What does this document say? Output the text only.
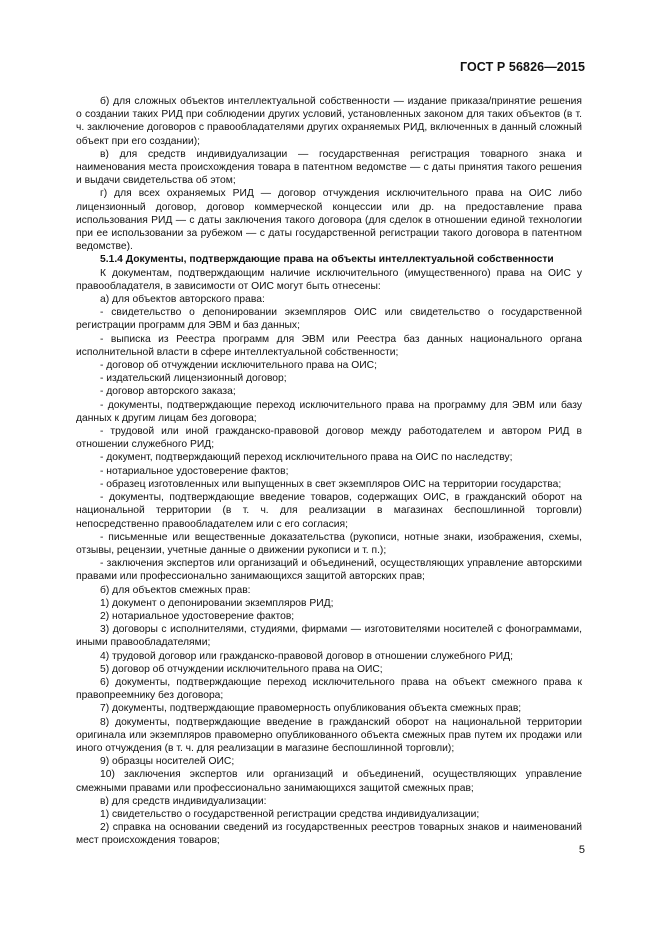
ГОСТ Р 56826—2015

б) для сложных объектов интеллектуальной собственности — издание приказа/принятие решения о создании таких РИД при соблюдении других условий, установленных законом для таких объектов (в т. ч. заключение договоров с правообладателями других охраняемых РИД, включенных в данный сложный объект при его создании);

в) для средств индивидуализации — государственная регистрация товарного знака и наименования места происхождения товара в патентном ведомстве — с даты принятия такого решения и выдачи свидетельства об этом;

г) для всех охраняемых РИД — договор отчуждения исключительного права на ОИС либо лицензионный договор, договор коммерческой концессии или др. на предоставление права использования РИД — с даты заключения такого договора (для сделок в отношении единой технологии при ее использовании за рубежом — с даты государственной регистрации такого договора в патентном ведомстве).

5.1.4 Документы, подтверждающие права на объекты интеллектуальной собственности

К документам, подтверждающим наличие исключительного (имущественного) права на ОИС у правообладателя, в зависимости от ОИС могут быть отнесены:

а) для объектов авторского права:

- свидетельство о депонировании экземпляров ОИС или свидетельство о государственной регистрации программ для ЭВМ и баз данных;

- выписка из Реестра программ для ЭВМ или Реестра баз данных национального органа исполнительной власти в сфере интеллектуальной собственности;

- договор об отчуждении исключительного права на ОИС;

- издательский лицензионный договор;

- договор авторского заказа;

- документы, подтверждающие переход исключительного права на программу для ЭВМ или базу данных к другим лицам без договора;

- трудовой или иной гражданско-правовой договор между работодателем и автором РИД в отношении служебного РИД;

- документ, подтверждающий переход исключительного права на ОИС по наследству;

- нотариальное удостоверение фактов;

- образец изготовленных или выпущенных в свет экземпляров ОИС на территории государства;

- документы, подтверждающие введение товаров, содержащих ОИС, в гражданский оборот на национальной территории (в т. ч. для реализации в магазинах беспошлинной торговли) непосредственно правообладателем или с его согласия;

- письменные или вещественные доказательства (рукописи, нотные знаки, изображения, схемы, отзывы, рецензии, учетные данные о движении рукописи и т. п.);

- заключения экспертов или организаций и объединений, осуществляющих управление авторскими правами или профессионально занимающихся защитой авторских прав;

б) для объектов смежных прав:

1) документ о депонировании экземпляров РИД;

2) нотариальное удостоверение фактов;

3) договоры с исполнителями, студиями, фирмами — изготовителями носителей с фонограммами, иными правообладателями;

4) трудовой договор или гражданско-правовой договор в отношении служебного РИД;

5) договор об отчуждении исключительного права на ОИС;

6) документы, подтверждающие переход исключительного права на объект смежного права к правопреемнику без договора;

7) документы, подтверждающие правомерность опубликования объекта смежных прав;

8) документы, подтверждающие введение в гражданский оборот на национальной территории оригинала или экземпляров правомерно опубликованного объекта смежных прав путем их продажи или иного отчуждения (в т. ч. для реализации в магазине беспошлинной торговли);

9) образцы носителей ОИС;

10) заключения экспертов или организаций и объединений, осуществляющих управление смежными правами или профессионально занимающихся защитой смежных прав;

в) для средств индивидуализации:

1) свидетельство о государственной регистрации средства индивидуализации;

2) справка на основании сведений из государственных реестров товарных знаков и наименований мест происхождения товаров;

5
